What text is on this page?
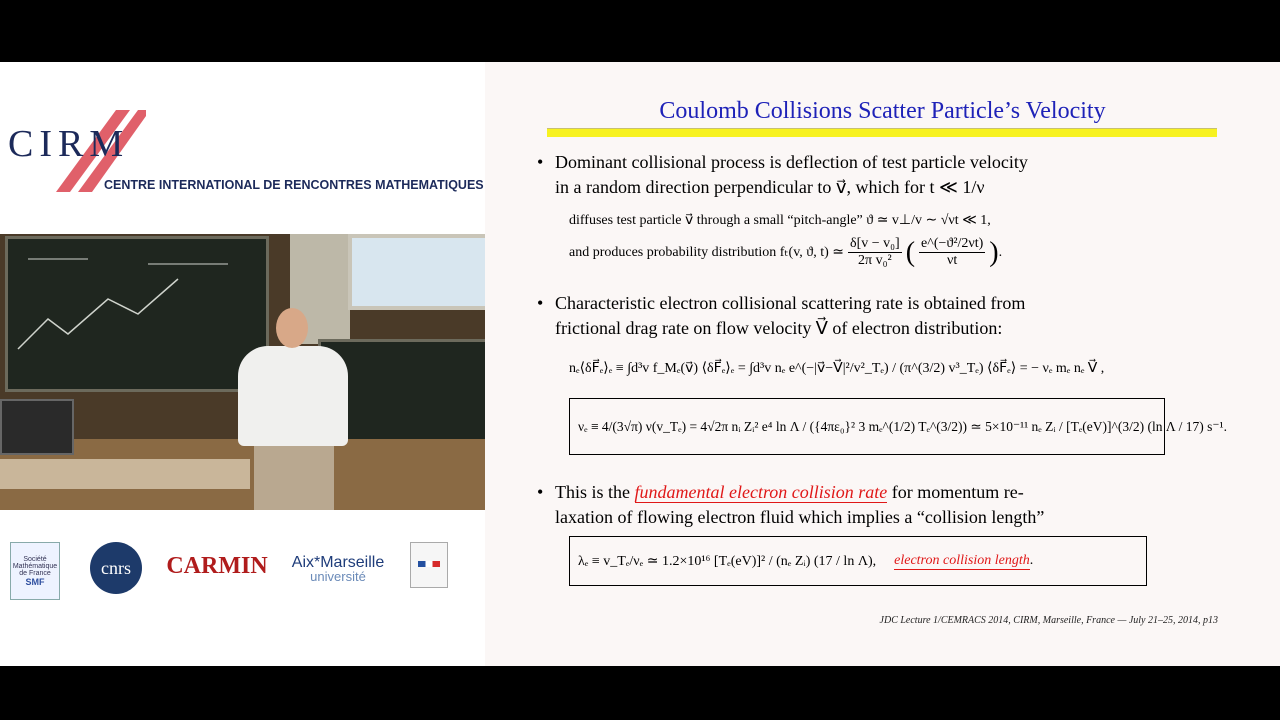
CIRM
CENTRE INTERNATIONAL DE RENCONTRES MATHEMATIQUES
Société
Mathématique
de France
SMF
cnrs	CARMIN Aix*Marseille
université
Coulomb Collisions Scatter Particle’s Velocity
• Dominant collisional process is deflection of test particle velocity
in a random direction perpendicular to v⃗, which for t ≪ 1/ν
diffuses test particle v⃗ through a small “pitch-angle” ϑ ≃ v⊥/v ∼ √νt ≪ 1,
and produces probability distribution fₜ(v, ϑ, t) ≃ $\frac{\text{δ[v − v₀]}}{\text{2π v₀²}}$ ( $\frac{\text{e\textasciicircum{}(−ϑ²/2νt)}}{\nu t}$ ) .
• Characteristic electron collisional scattering rate is obtained from
frictional drag rate on flow velocity V⃗ of electron distribution:
nₑ⟨δF⃗ₑ⟩ₑ ≡ ∫d³v f_Mₑ(v⃗) ⟨δF⃗ₑ⟩ₑ = ∫d³v nₑ e^(−|v⃗−V⃗|²/v²_Tₑ) / (π^(3/2) v³_Tₑ) ⟨δF⃗ₑ⟩ = − νₑ mₑ nₑ V⃗ ,
νₑ ≡ 4/(3√π) ν(v_Tₑ) = 4√2π nᵢ Zᵢ² e⁴ ln Λ / ({4πε₀}² 3 mₑ^(1/2) Tₑ^(3/2)) ≃ 5×10⁻¹¹ nₑ Zᵢ / [Tₑ(eV)]^(3/2) (ln Λ / 17) s⁻¹.
• This is the fundamental electron collision rate for momentum re-
laxation of flowing electron fluid which implies a “collision length”
λₑ ≡ v_Tₑ/νₑ ≃ 1.2×10¹⁶ [Tₑ(eV)]² / (nₑ Zᵢ) (17 / ln Λ), electron collision length .
JDC Lecture 1/CEMRACS 2014, CIRM, Marseille, France — July 21–25, 2014, p13
